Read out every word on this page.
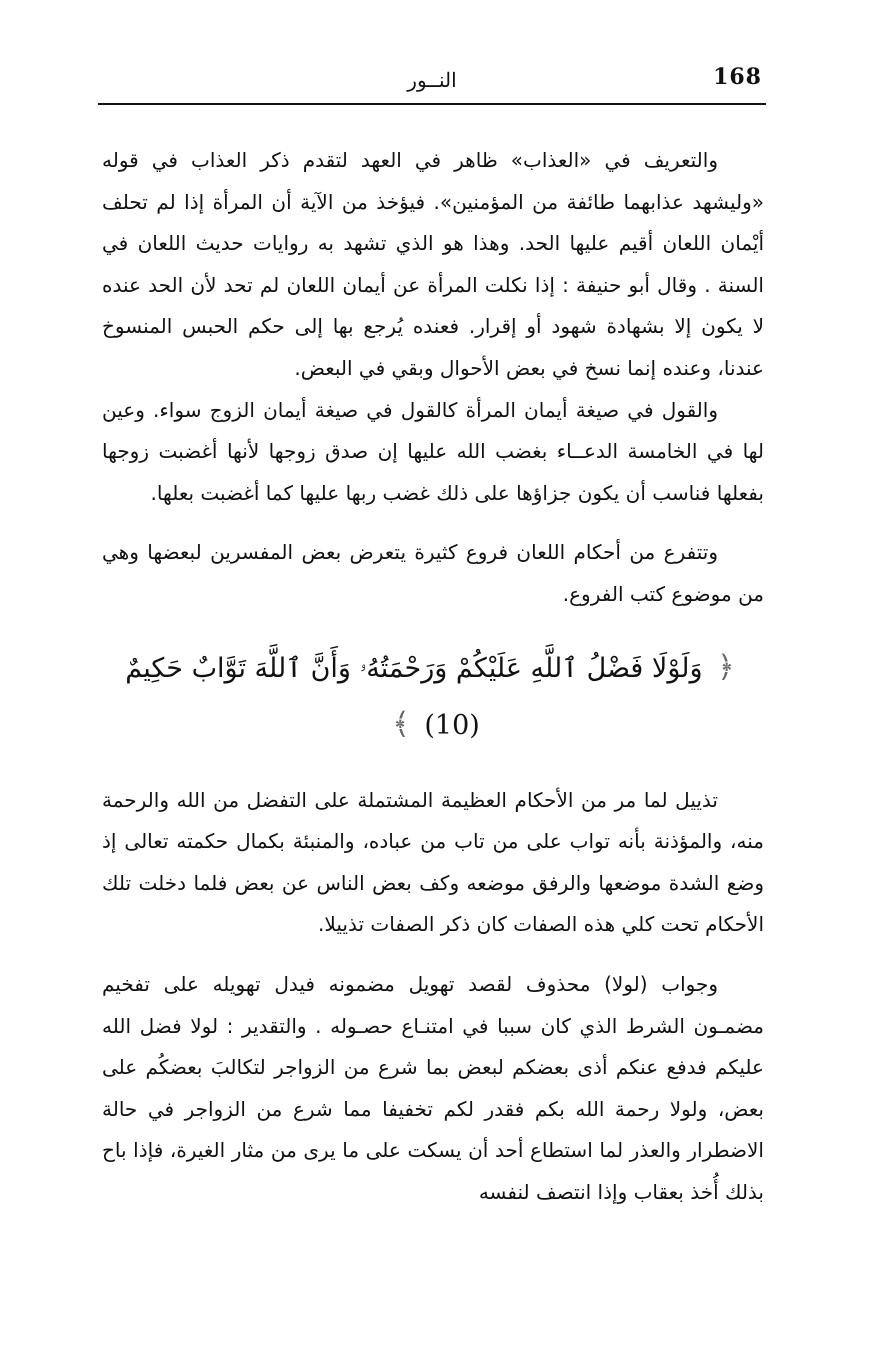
168
النــور

والتعريف في «العذاب» ظاهر في العهد لتقدم ذكر العذاب في قوله «وليشهد عذابهما طائفة من المؤمنين». فيؤخذ من الآية أن المرأة إذا لم تحلف أيْمان اللعان أقيم عليها الحد. وهذا هو الذي تشهد به روايات حديث اللعان في السنة . وقال أبو حنيفة : إذا نكلت المرأة عن أيمان اللعان لم تحد لأن الحد عنده لا يكون إلا بشهادة شهود أو إقرار. فعنده يُرجع بها إلى حكم الحبس المنسوخ عندنا، وعنده إنما نسخ في بعض الأحوال وبقي في البعض.

والقول في صيغة أيمان المرأة كالقول في صيغة أيمان الزوج سواء. وعين لها في الخامسة الدعــاء بغضب الله عليها إن صدق زوجها لأنها أغضبت زوجها بفعلها فناسب أن يكون جزاؤها على ذلك غضب ربها عليها كما أغضبت بعلها.

وتتفرع من أحكام اللعان فروع كثيرة يتعرض بعض المفسرين لبعضها وهي من موضوع كتب الفروع.

﴿ وَلَوْلَا فَضْلُ ٱللَّهِ عَلَيْكُمْ وَرَحْمَتُهُۥ وَأَنَّ ٱللَّهَ تَوَّابٌ حَكِيمٌ (10) ﴾

تذييل لما مر من الأحكام العظيمة المشتملة على التفضل من الله والرحمة منه، والمؤذنة بأنه تواب على من تاب من عباده، والمنبئة بكمال حكمته تعالى إذ وضع الشدة موضعها والرفق موضعه وكف بعض الناس عن بعض فلما دخلت تلك الأحكام تحت كلي هذه الصفات كان ذكر الصفات تذييلا.

وجواب (لولا) محذوف لقصد تهويل مضمونه فيدل تهويله على تفخيم مضمـون الشرط الذي كان سببا في امتنـاع حصـوله . والتقدير : لولا فضل الله عليكم فدفع عنكم أذى بعضكم لبعض بما شرع من الزواجر لتكالبَ بعضكُم على بعض، ولولا رحمة الله بكم فقدر لكم تخفيفا مما شرع من الزواجر في حالة الاضطرار والعذر لما استطاع أحد أن يسكت على ما يرى من مثار الغيرة، فإذا باح بذلك أُخذ بعقاب وإذا انتصف لنفسه
